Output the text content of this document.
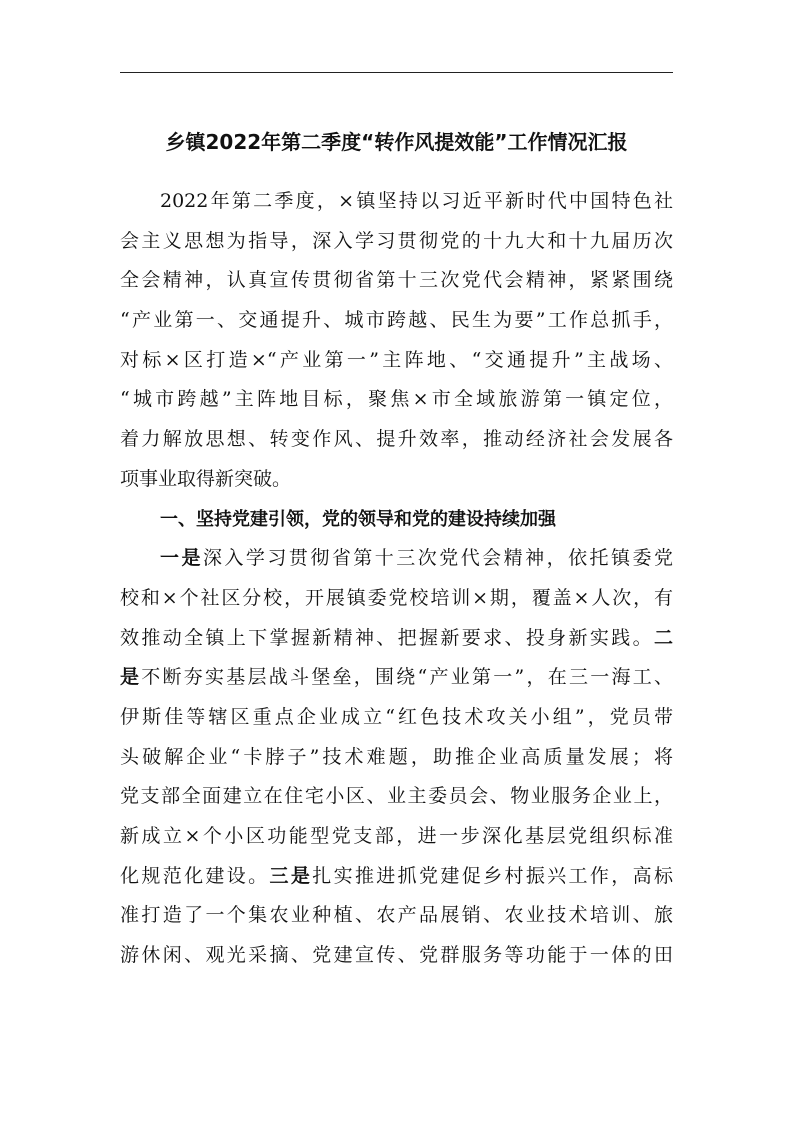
乡镇2022年第二季度“转作风提效能”工作情况汇报
2022年第二季度，×镇坚持以习近平新时代中国特色社
会主义思想为指导，深入学习贯彻党的十九大和十九届历次
全会精神，认真宣传贯彻省第十三次党代会精神，紧紧围绕
“产业第一、交通提升、城市跨越、民生为要”工作总抓手，
对标×区打造×“产业第一”主阵地、“交通提升”主战场、
“城市跨越”主阵地目标，聚焦×市全域旅游第一镇定位，
着力解放思想、转变作风、提升效率，推动经济社会发展各
项事业取得新突破。
一、坚持党建引领，党的领导和党的建设持续加强
一是深入学习贯彻省第十三次党代会精神，依托镇委党
校和×个社区分校，开展镇委党校培训×期，覆盖×人次，有
效推动全镇上下掌握新精神、把握新要求、投身新实践。二
是不断夯实基层战斗堡垒，围绕“产业第一”，在三一海工、
伊斯佳等辖区重点企业成立“红色技术攻关小组”，党员带
头破解企业“卡脖子”技术难题，助推企业高质量发展；将
党支部全面建立在住宅小区、业主委员会、物业服务企业上，
新成立×个小区功能型党支部，进一步深化基层党组织标准
化规范化建设。三是扎实推进抓党建促乡村振兴工作，高标
准打造了一个集农业种植、农产品展销、农业技术培训、旅
游休闲、观光采摘、党建宣传、党群服务等功能于一体的田
